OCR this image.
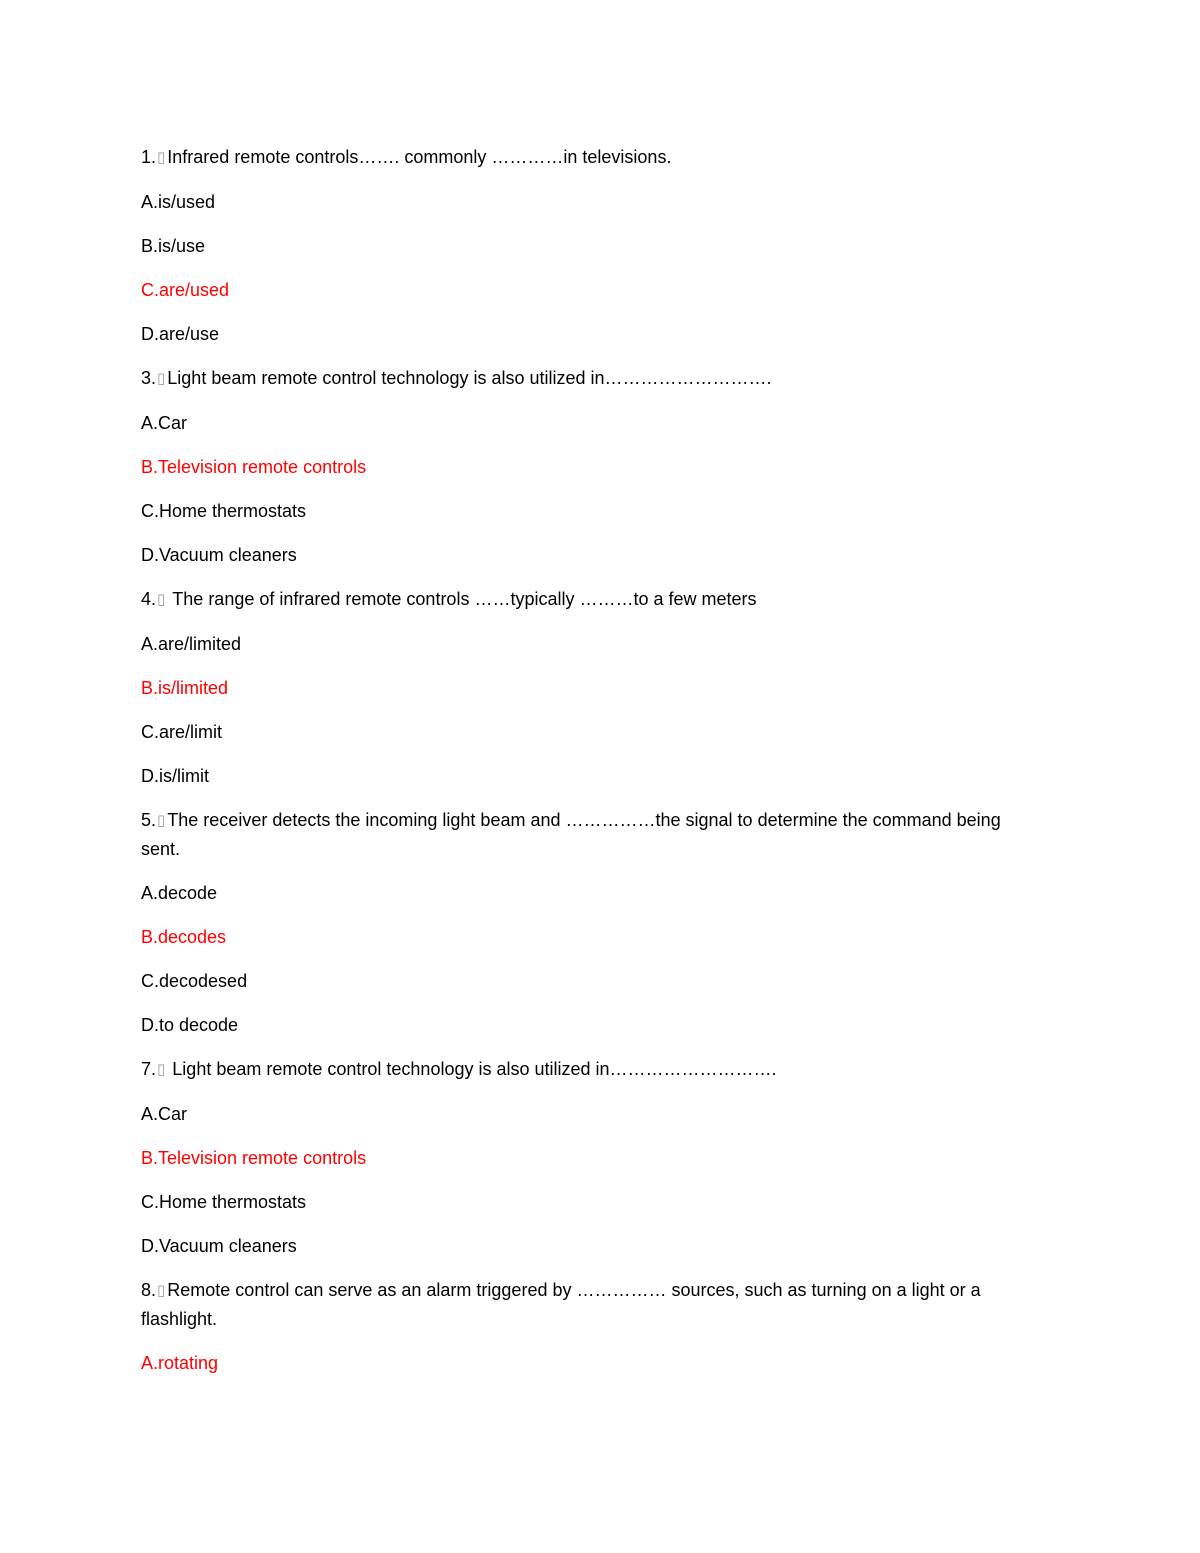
1. ▯ Infrared remote controls……. commonly …………in televisions.

A.is/used

B.is/use

C.are/used

D.are/use

3. ▯ Light beam remote control technology is also utilized in……………………….

A.Car

B.Television remote controls

C.Home thermostats

D.Vacuum cleaners

4. ▯ The range of infrared remote controls ……typically ………to a few meters

A.are/limited

B.is/limited

C.are/limit

D.is/limit

5. ▯ The receiver detects the incoming light beam and ……………the signal to determine the command being sent.

A.decode

B.decodes

C.decodesed

D.to decode

7. ▯ Light beam remote control technology is also utilized in……………………….

A.Car

B.Television remote controls

C.Home thermostats

D.Vacuum cleaners

8. ▯ Remote control can serve as an alarm triggered by …………… sources, such as turning on a light or a flashlight.

A.rotating
